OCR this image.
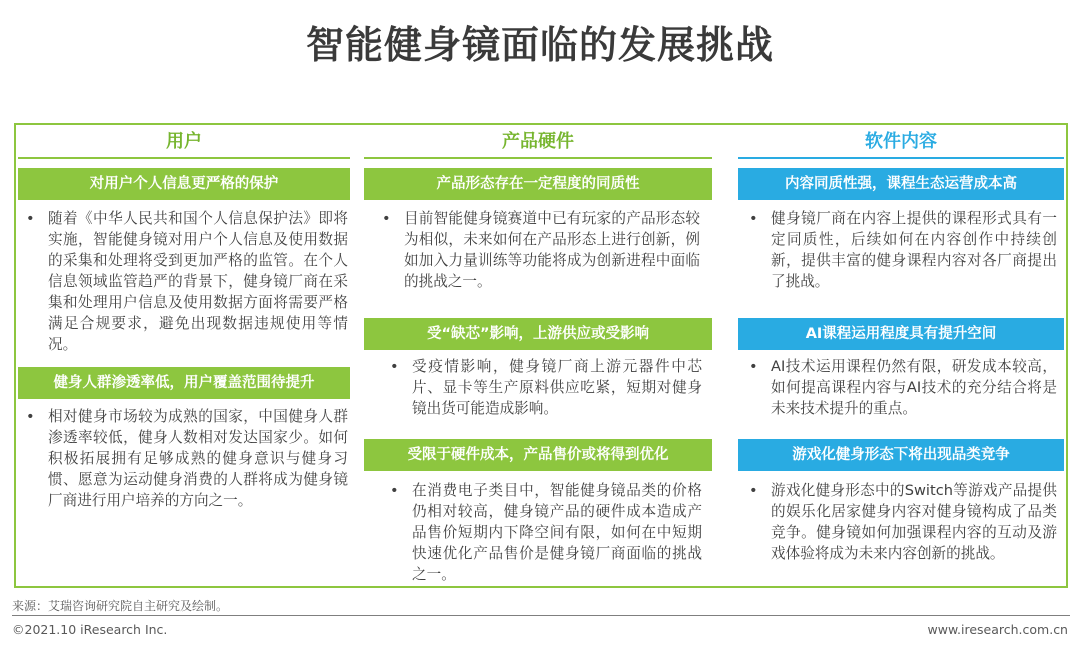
智能健身镜面临的发展挑战
用户
对用户个人信息更严格的保护
• 随着《中华人民共和国个人信息保护法》即将实施，智能健身镜对用户个人信息及使用数据的采集和处理将受到更加严格的监管。在个人信息领域监管趋严的背景下，健身镜厂商在采集和处理用户信息及使用数据方面将需要严格满足合规要求，避免出现数据违规使用等情况。
健身人群渗透率低，用户覆盖范围待提升
• 相对健身市场较为成熟的国家，中国健身人群渗透率较低，健身人数相对发达国家少。如何积极拓展拥有足够成熟的健身意识与健身习惯、愿意为运动健身消费的人群将成为健身镜厂商进行用户培养的方向之一。
产品硬件
产品形态存在一定程度的同质性
• 目前智能健身镜赛道中已有玩家的产品形态较为相似，未来如何在产品形态上进行创新，例如加入力量训练等功能将成为创新进程中面临的挑战之一。
受“缺芯”影响，上游供应或受影响
• 受疫情影响，健身镜厂商上游元器件中芯片、显卡等生产原料供应吃紧，短期对健身镜出货可能造成影响。
受限于硬件成本，产品售价或将得到优化
• 在消费电子类目中，智能健身镜品类的价格仍相对较高，健身镜产品的硬件成本造成产品售价短期内下降空间有限，如何在中短期快速优化产品售价是健身镜厂商面临的挑战之一。
软件内容
内容同质性强，课程生态运营成本高
• 健身镜厂商在内容上提供的课程形式具有一定同质性，后续如何在内容创作中持续创新，提供丰富的健身课程内容对各厂商提出了挑战。
AI课程运用程度具有提升空间
• AI技术运用课程仍然有限，研发成本较高，如何提高课程内容与AI技术的充分结合将是未来技术提升的重点。
游戏化健身形态下将出现品类竞争
• 游戏化健身形态中的Switch等游戏产品提供的娱乐化居家健身内容对健身镜构成了品类竞争。健身镜如何加强课程内容的互动及游戏体验将成为未来内容创新的挑战。
来源：艾瑞咨询研究院自主研究及绘制。
©2021.10 iResearch Inc.	www.iresearch.com.cn
